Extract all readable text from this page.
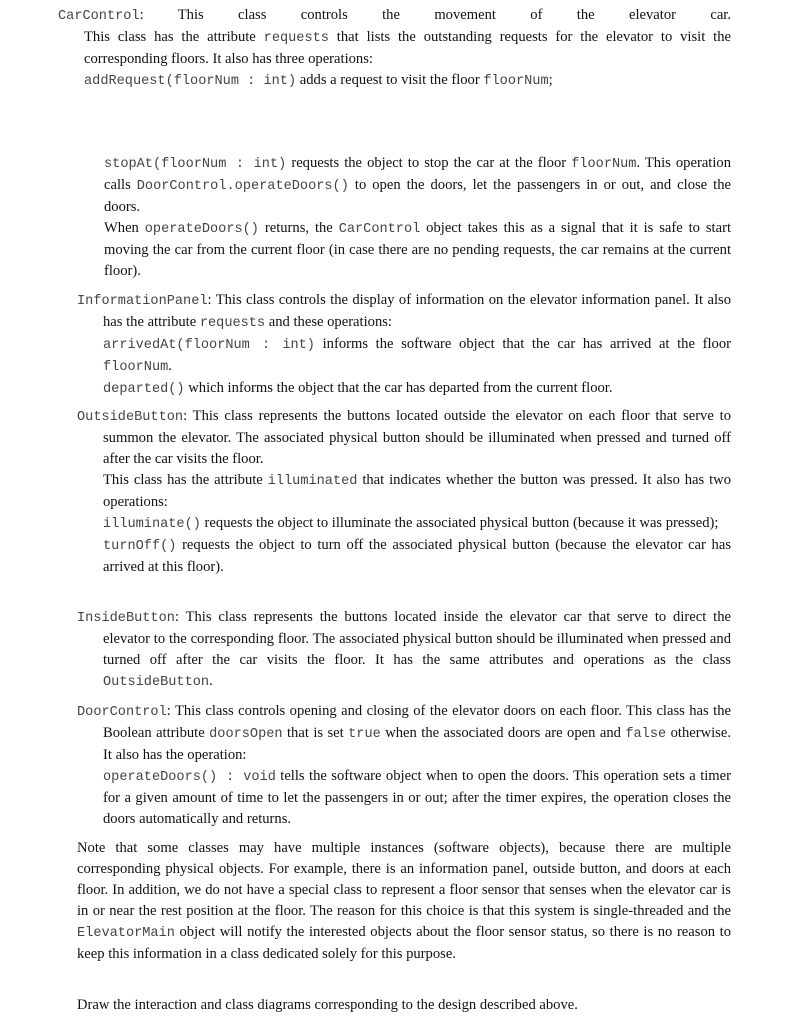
CarControl: This class controls the movement of the elevator car.

This class has the attribute requests that lists the outstanding requests for the elevator to visit the corresponding floors. It also has three operations:

addRequest(floorNum : int) adds a request to visit the floor floorNum;

stopAt(floorNum : int) requests the object to stop the car at the floor floorNum. This operation calls DoorControl.operateDoors() to open the doors, let the passengers in or out, and close the doors.

When operateDoors() returns, the CarControl object takes this as a signal that it is safe to start moving the car from the current floor (in case there are no pending requests, the car remains at the current floor).

InformationPanel: This class controls the display of information on the elevator information panel. It also has the attribute requests and these operations:

arrivedAt(floorNum : int) informs the software object that the car has arrived at the floor floorNum.

departed() which informs the object that the car has departed from the current floor.

OutsideButton: This class represents the buttons located outside the elevator on each floor that serve to summon the elevator. The associated physical button should be illuminated when pressed and turned off after the car visits the floor.

This class has the attribute illuminated that indicates whether the button was pressed. It also has two operations:

illuminate() requests the object to illuminate the associated physical button (because it was pressed);

turnOff() requests the object to turn off the associated physical button (because the elevator car has arrived at this floor).

InsideButton: This class represents the buttons located inside the elevator car that serve to direct the elevator to the corresponding floor. The associated physical button should be illuminated when pressed and turned off after the car visits the floor. It has the same attributes and operations as the class OutsideButton.

DoorControl: This class controls opening and closing of the elevator doors on each floor. This class has the Boolean attribute doorsOpen that is set true when the associated doors are open and false otherwise. It also has the operation:

operateDoors() : void tells the software object when to open the doors. This operation sets a timer for a given amount of time to let the passengers in or out; after the timer expires, the operation closes the doors automatically and returns.

Note that some classes may have multiple instances (software objects), because there are multiple corresponding physical objects. For example, there is an information panel, outside button, and doors at each floor. In addition, we do not have a special class to represent a floor sensor that senses when the elevator car is in or near the rest position at the floor. The reason for this choice is that this system is single-threaded and the ElevatorMain object will notify the interested objects about the floor sensor status, so there is no reason to keep this information in a class dedicated solely for this purpose.

Draw the interaction and class diagrams corresponding to the design described above.
